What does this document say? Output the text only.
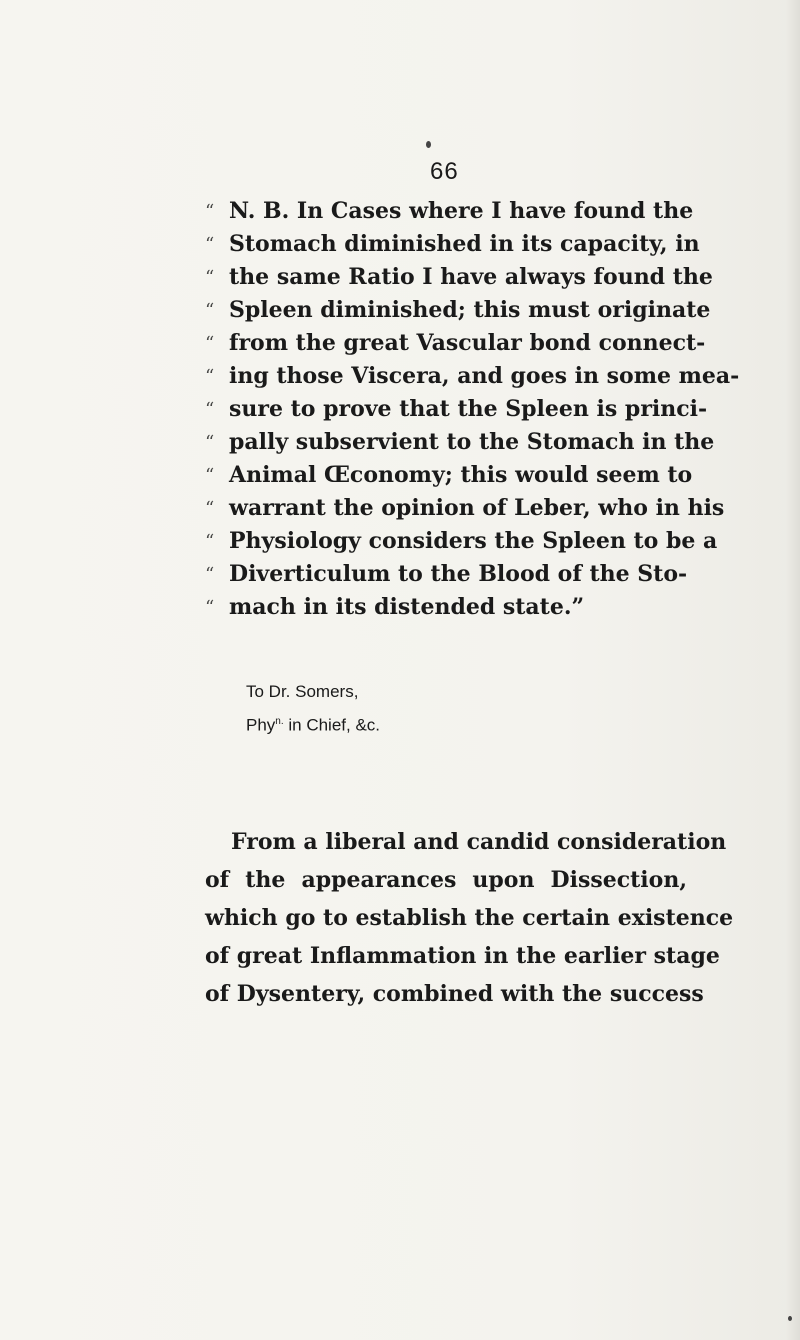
66
“ N. B. In Cases where I have found the
“ Stomach diminished in its capacity, in
“ the same Ratio I have always found the
“ Spleen diminished; this must originate
“ from the great Vascular bond connect-
“ ing those Viscera, and goes in some mea-
“ sure to prove that the Spleen is princi-
“ pally subservient to the Stomach in the
“ Animal Œconomy; this would seem to
“ warrant the opinion of Leber, who in his
“ Physiology considers the Spleen to be a
“ Diverticulum to the Blood of the Sto-
“ mach in its distended state.”
To Dr. Somers,
Phy$^{n.}$ in Chief, &c.
From a liberal and candid consideration
of the appearances upon Dissection,
which go to establish the certain existence
of great Inflammation in the earlier stage
of Dysentery, combined with the success
